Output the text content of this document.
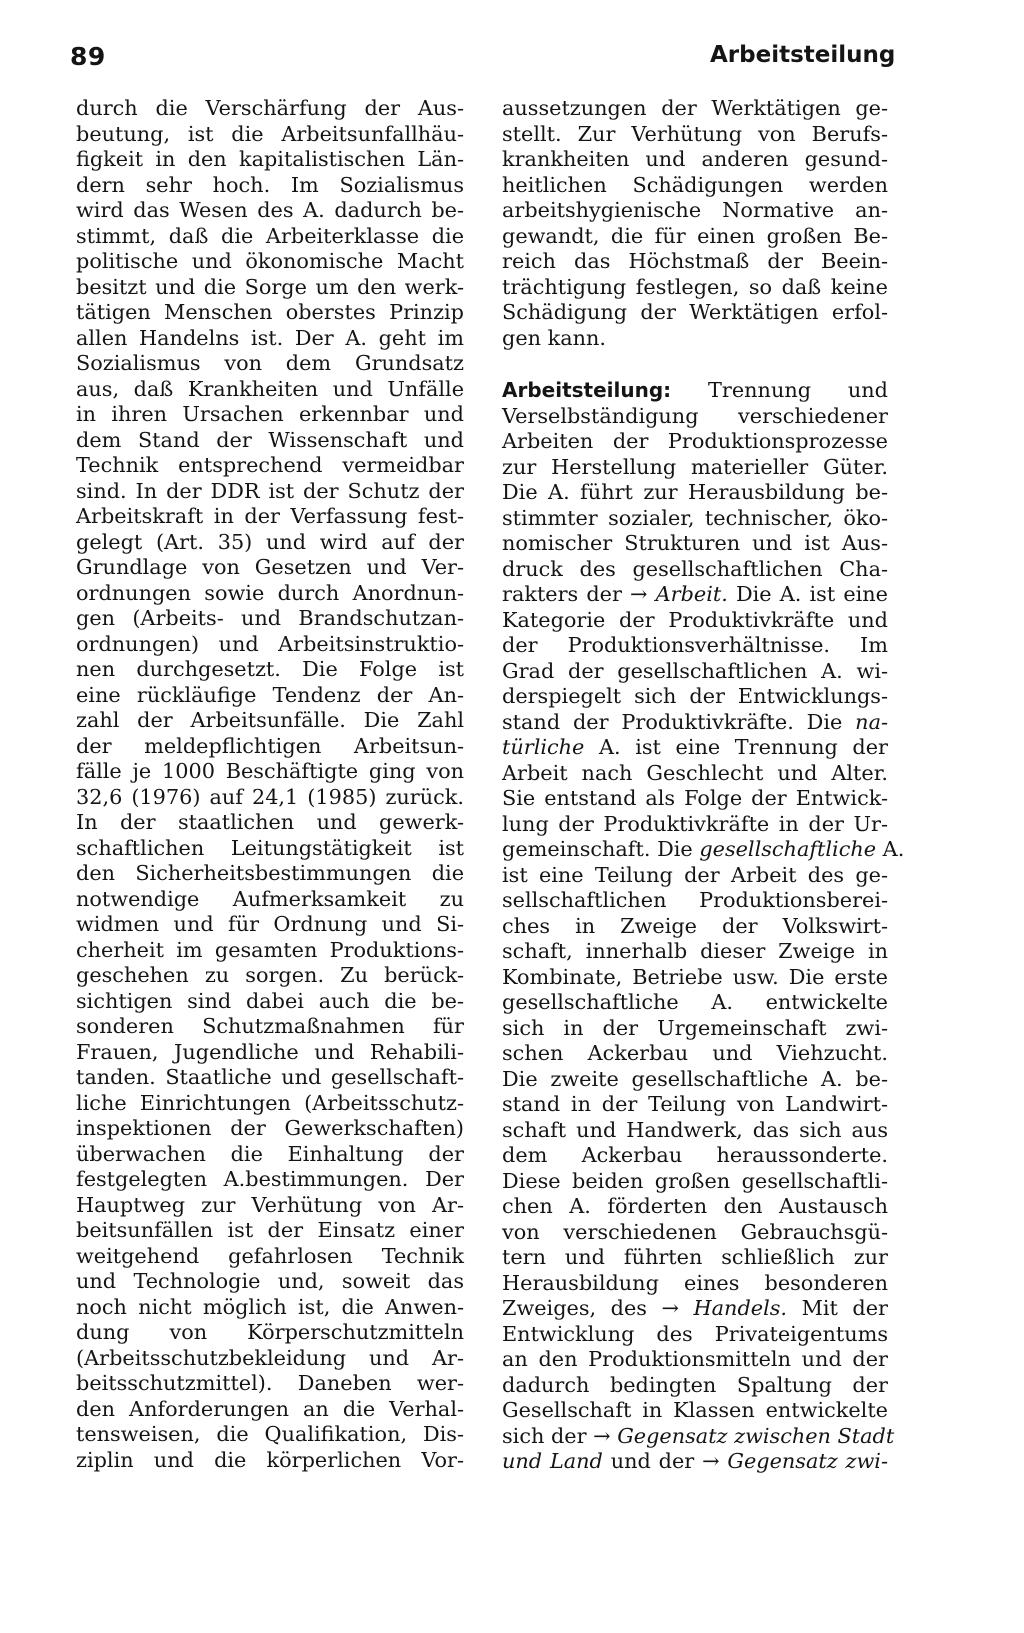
89	Arbeitsteilung
durch die Verschärfung der Aus-
beutung, ist die Arbeitsunfallhäu-
figkeit in den kapitalistischen Län-
dern sehr hoch. Im Sozialismus
wird das Wesen des A. dadurch be-
stimmt, daß die Arbeiterklasse die
politische und ökonomische Macht
besitzt und die Sorge um den werk-
tätigen Menschen oberstes Prinzip
allen Handelns ist. Der A. geht im
Sozialismus von dem Grundsatz
aus, daß Krankheiten und Unfälle
in ihren Ursachen erkennbar und
dem Stand der Wissenschaft und
Technik entsprechend vermeidbar
sind. In der DDR ist der Schutz der
Arbeitskraft in der Verfassung fest-
gelegt (Art. 35) und wird auf der
Grundlage von Gesetzen und Ver-
ordnungen sowie durch Anordnun-
gen (Arbeits- und Brandschutzan-
ordnungen) und Arbeitsinstruktio-
nen durchgesetzt. Die Folge ist
eine rückläufige Tendenz der An-
zahl der Arbeitsunfälle. Die Zahl
der meldepflichtigen Arbeitsun-
fälle je 1000 Beschäftigte ging von
32,6 (1976) auf 24,1 (1985) zurück.
In der staatlichen und gewerk-
schaftlichen Leitungstätigkeit ist
den Sicherheitsbestimmungen die
notwendige Aufmerksamkeit zu
widmen und für Ordnung und Si-
cherheit im gesamten Produktions-
geschehen zu sorgen. Zu berück-
sichtigen sind dabei auch die be-
sonderen Schutzmaßnahmen für
Frauen, Jugendliche und Rehabili-
tanden. Staatliche und gesellschaft-
liche Einrichtungen (Arbeitsschutz-
inspektionen der Gewerkschaften)
überwachen die Einhaltung der
festgelegten A.bestimmungen. Der
Hauptweg zur Verhütung von Ar-
beitsunfällen ist der Einsatz einer
weitgehend gefahrlosen Technik
und Technologie und, soweit das
noch nicht möglich ist, die Anwen-
dung von Körperschutzmitteln
(Arbeitsschutzbekleidung und Ar-
beitsschutzmittel). Daneben wer-
den Anforderungen an die Verhal-
tensweisen, die Qualifikation, Dis-
ziplin und die körperlichen Vor-
aussetzungen der Werktätigen ge-
stellt. Zur Verhütung von Berufs-
krankheiten und anderen gesund-
heitlichen Schädigungen werden
arbeitshygienische Normative an-
gewandt, die für einen großen Be-
reich das Höchstmaß der Beein-
trächtigung festlegen, so daß keine
Schädigung der Werktätigen erfol-
gen kann.
Arbeitsteilung: Trennung und
Verselbständigung verschiedener
Arbeiten der Produktionsprozesse
zur Herstellung materieller Güter.
Die A. führt zur Herausbildung be-
stimmter sozialer, technischer, öko-
nomischer Strukturen und ist Aus-
druck des gesellschaftlichen Cha-
rakters der → Arbeit. Die A. ist eine
Kategorie der Produktivkräfte und
der Produktionsverhältnisse. Im
Grad der gesellschaftlichen A. wi-
derspiegelt sich der Entwicklungs-
stand der Produktivkräfte. Die na-
türliche A. ist eine Trennung der
Arbeit nach Geschlecht und Alter.
Sie entstand als Folge der Entwick-
lung der Produktivkräfte in der Ur-
gemeinschaft. Die gesellschaftliche A.
ist eine Teilung der Arbeit des ge-
sellschaftlichen Produktionsberei-
ches in Zweige der Volkswirt-
schaft, innerhalb dieser Zweige in
Kombinate, Betriebe usw. Die erste
gesellschaftliche A. entwickelte
sich in der Urgemeinschaft zwi-
schen Ackerbau und Viehzucht.
Die zweite gesellschaftliche A. be-
stand in der Teilung von Landwirt-
schaft und Handwerk, das sich aus
dem Ackerbau heraussonderte.
Diese beiden großen gesellschaftli-
chen A. förderten den Austausch
von verschiedenen Gebrauchsgü-
tern und führten schließlich zur
Herausbildung eines besonderen
Zweiges, des → Handels. Mit der
Entwicklung des Privateigentums
an den Produktionsmitteln und der
dadurch bedingten Spaltung der
Gesellschaft in Klassen entwickelte
sich der → Gegensatz zwischen Stadt
und Land und der → Gegensatz zwi-
